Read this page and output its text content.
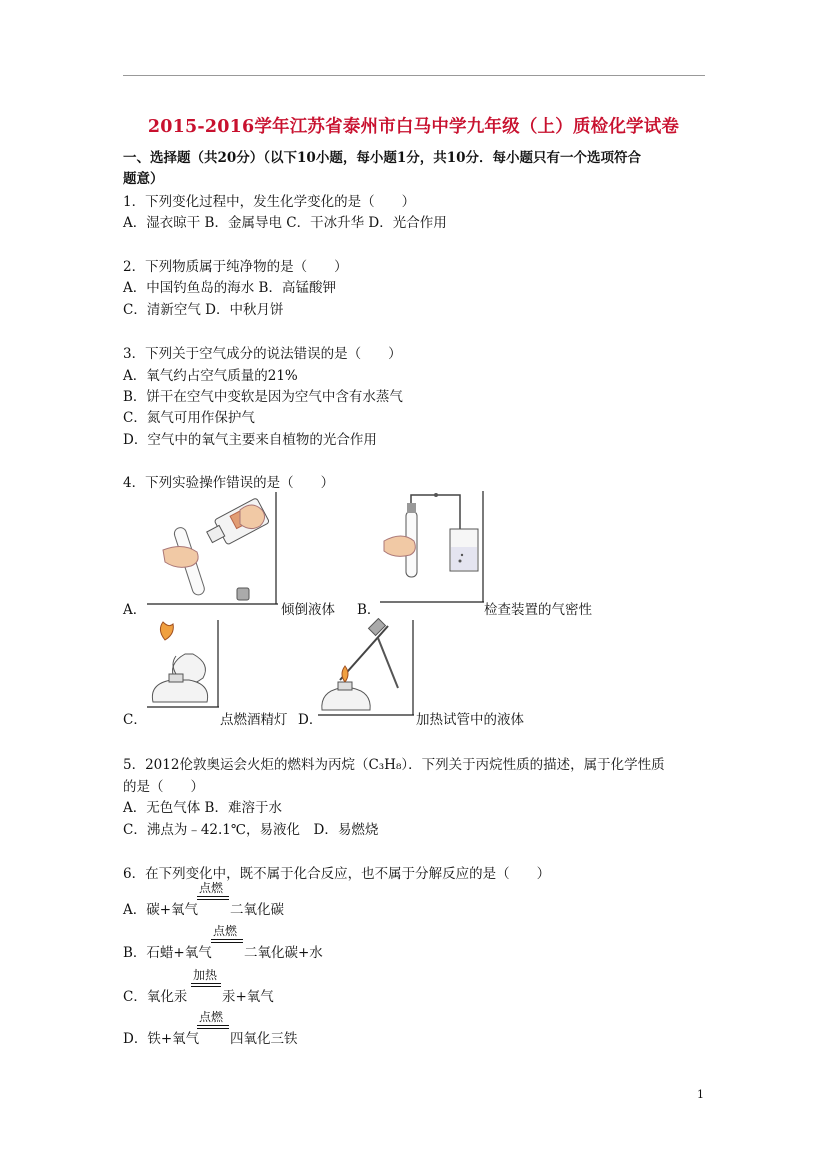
2015-2016学年江苏省泰州市白马中学九年级（上）质检化学试卷
一、选择题（共20分）（以下10小题，每小题1分，共10分．每小题只有一个选项符合
题意）
1．下列变化过程中，发生化学变化的是（　　）
A．湿衣晾干 B．金属导电 C．干冰升华 D．光合作用
2．下列物质属于纯净物的是（　　）
A．中国钓鱼岛的海水 B．高锰酸钾
C．清新空气 D．中秋月饼
3．下列关于空气成分的说法错误的是（　　）
A．氧气约占空气质量的21%
B．饼干在空气中变软是因为空气中含有水蒸气
C．氮气可用作保护气
D．空气中的氧气主要来自植物的光合作用
4．下列实验操作错误的是（　　）
A．	倾倒液体 B．	检查装置的气密性
C．	点燃酒精灯 D．	加热试管中的液体
5．2012伦敦奥运会火炬的燃料为丙烷（C₃H₈）．下列关于丙烷性质的描述，属于化学性质
的是（　　）
A．无色气体 B．难溶于水
C．沸点为﹣42.1℃，易液化　D．易燃烧
6．在下列变化中，既不属于化合反应，也不属于分解反应的是（　　）
A．碳+氧气
点燃
二氧化碳
B．石蜡+氧气
点燃
二氧化碳+水
C．氧化汞
加热
汞+氧气
D．铁+氧气
点燃
四氧化三铁
1
